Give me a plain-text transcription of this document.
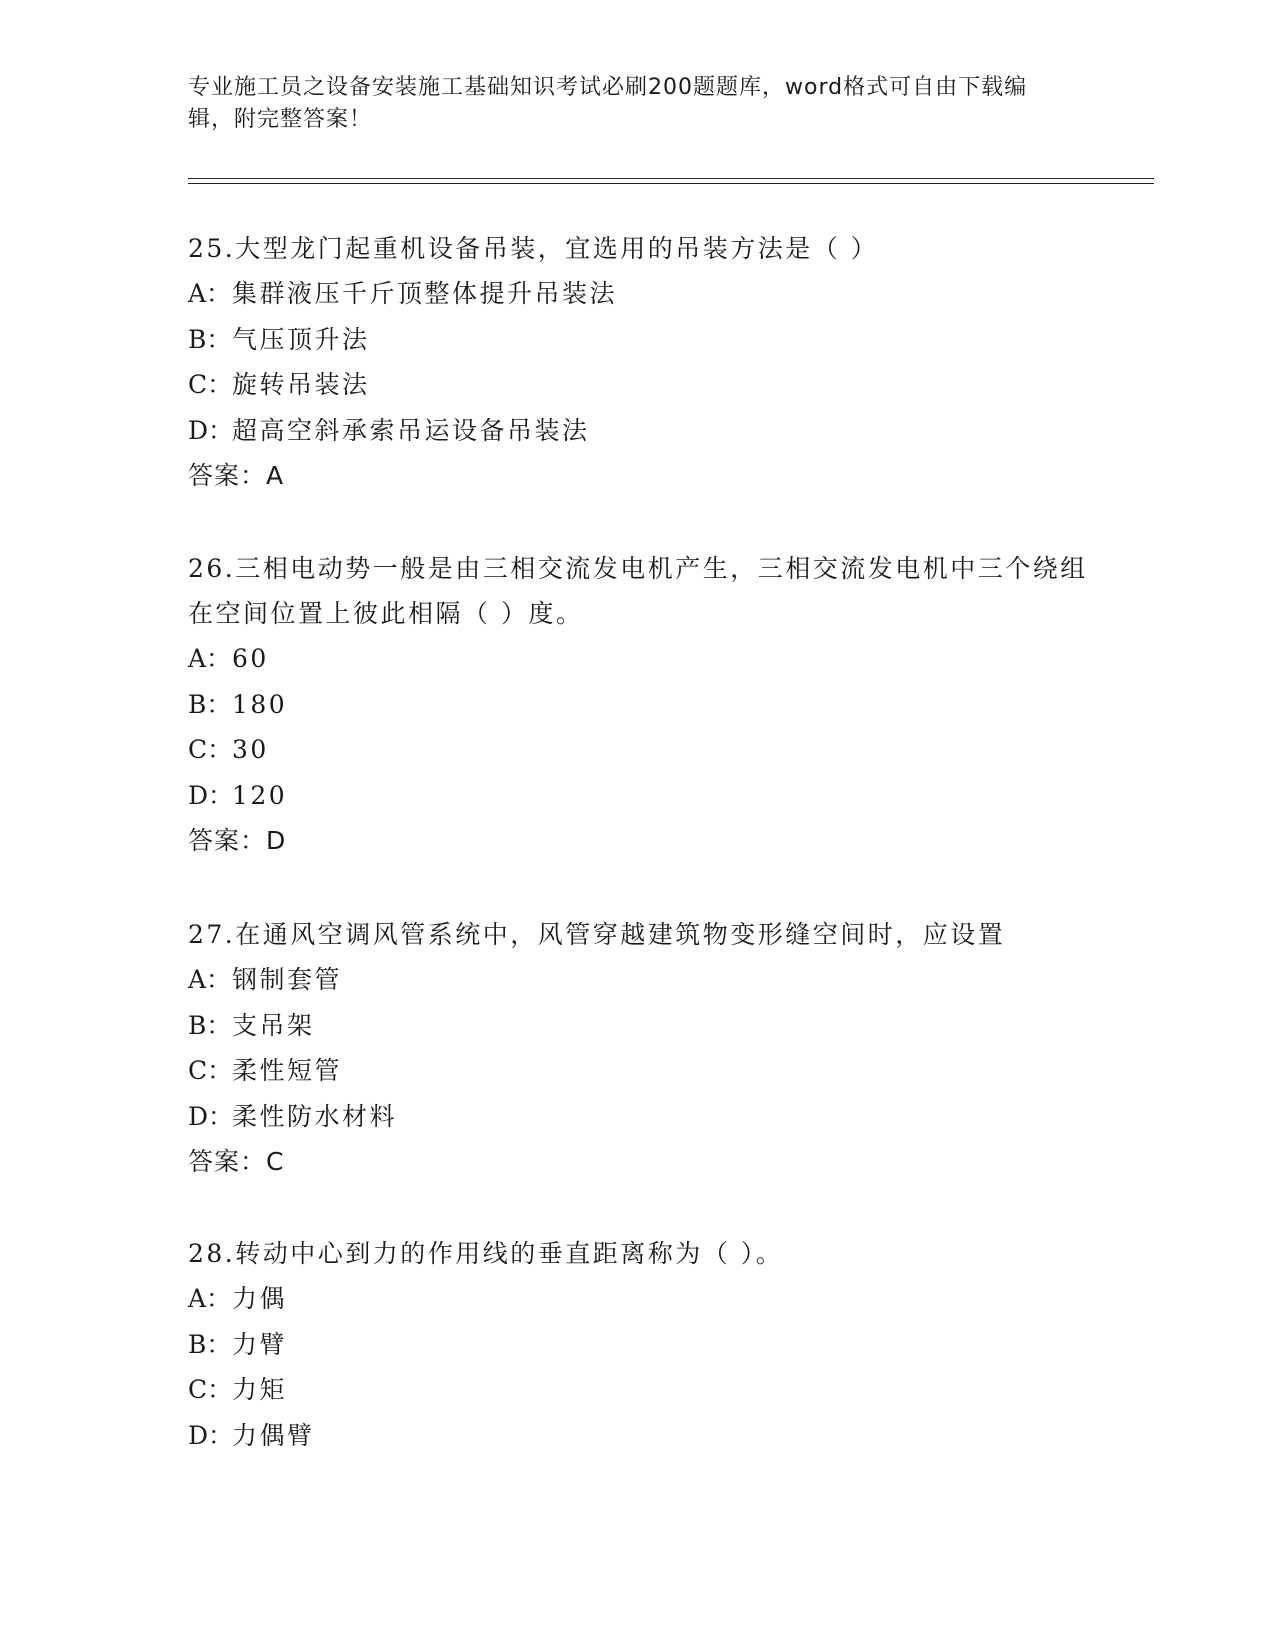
专业施工员之设备安装施工基础知识考试必刷200题题库，word格式可自由下载编辑，附完整答案！
25.大型龙门起重机设备吊装，宜选用的吊装方法是（ ）
A：集群液压千斤顶整体提升吊装法
B：气压顶升法
C：旋转吊装法
D：超高空斜承索吊运设备吊装法
答案：A
26.三相电动势一般是由三相交流发电机产生，三相交流发电机中三个绕组在空间位置上彼此相隔（ ）度。
A：60
B：180
C：30
D：120
答案：D
27.在通风空调风管系统中，风管穿越建筑物变形缝空间时，应设置
A：钢制套管
B：支吊架
C：柔性短管
D：柔性防水材料
答案：C
28.转动中心到力的作用线的垂直距离称为（ ）。
A：力偶
B：力臂
C：力矩
D：力偶臂
